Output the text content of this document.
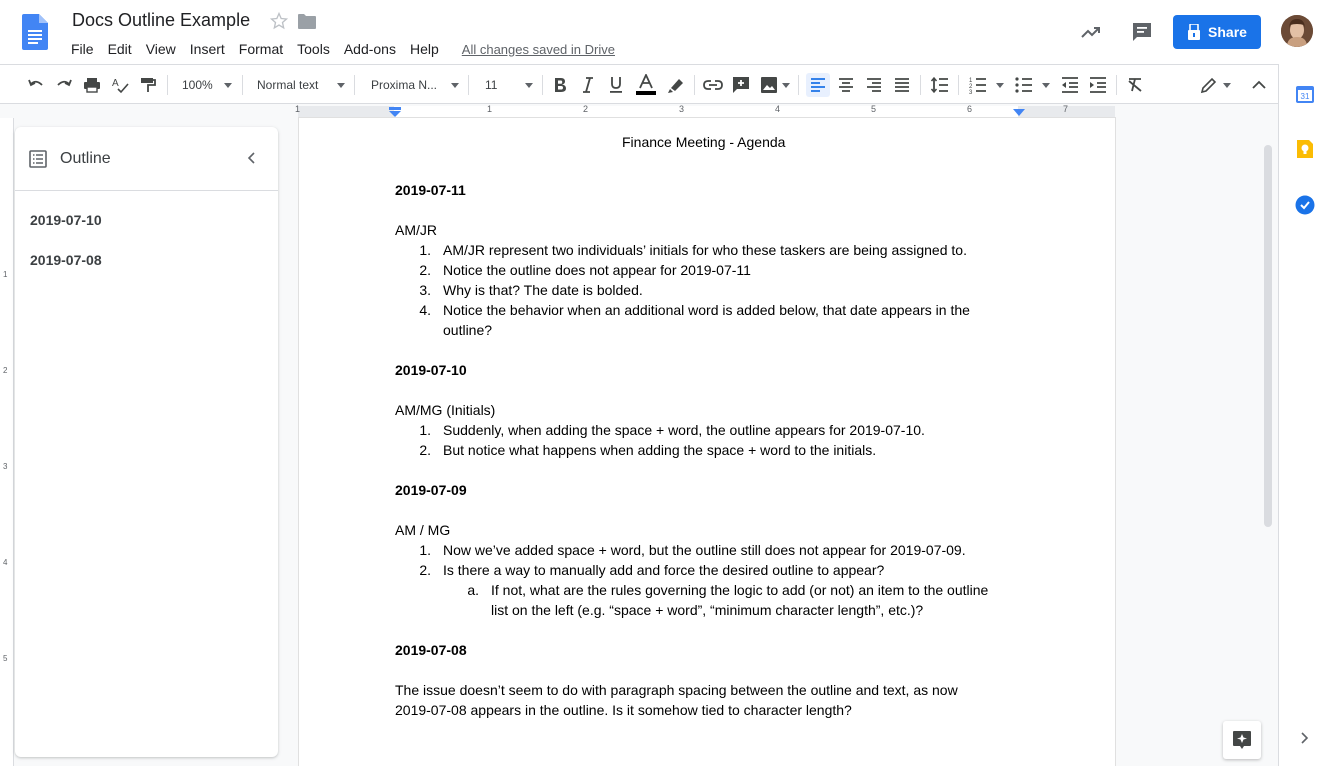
Docs Outline Example
File	Edit	View	Insert	Format	Tools	Add-ons	Help	All changes saved in Drive
Share
A	100%	Normal text	Proxima N...	11	1
2
3
1	1	2	3	4	5	6	7
1
2
3
4
5
Outline
2019-07-10
2019-07-08
Finance Meeting - Agenda
2019-07-11
AM/JR
1. AM/JR represent two individuals’ initials for who these taskers are being assigned to.
2. Notice the outline does not appear for 2019-07-11
3. Why is that? The date is bolded.
4. Notice the behavior when an additional word is added below, that date appears in the
outline?
2019-07-10
AM/MG (Initials)
1. Suddenly, when adding the space + word, the outline appears for 2019-07-10.
2. But notice what happens when adding the space + word to the initials.
2019-07-09
AM / MG
1. Now we’ve added space + word, but the outline still does not appear for 2019-07-09.
2. Is there a way to manually add and force the desired outline to appear?
a. If not, what are the rules governing the logic to add (or not) an item to the outline
list on the left (e.g. “space + word”, “minimum character length”, etc.)?
2019-07-08
The issue doesn’t seem to do with paragraph spacing between the outline and text, as now
2019-07-08 appears in the outline. Is it somehow tied to character length?
31
